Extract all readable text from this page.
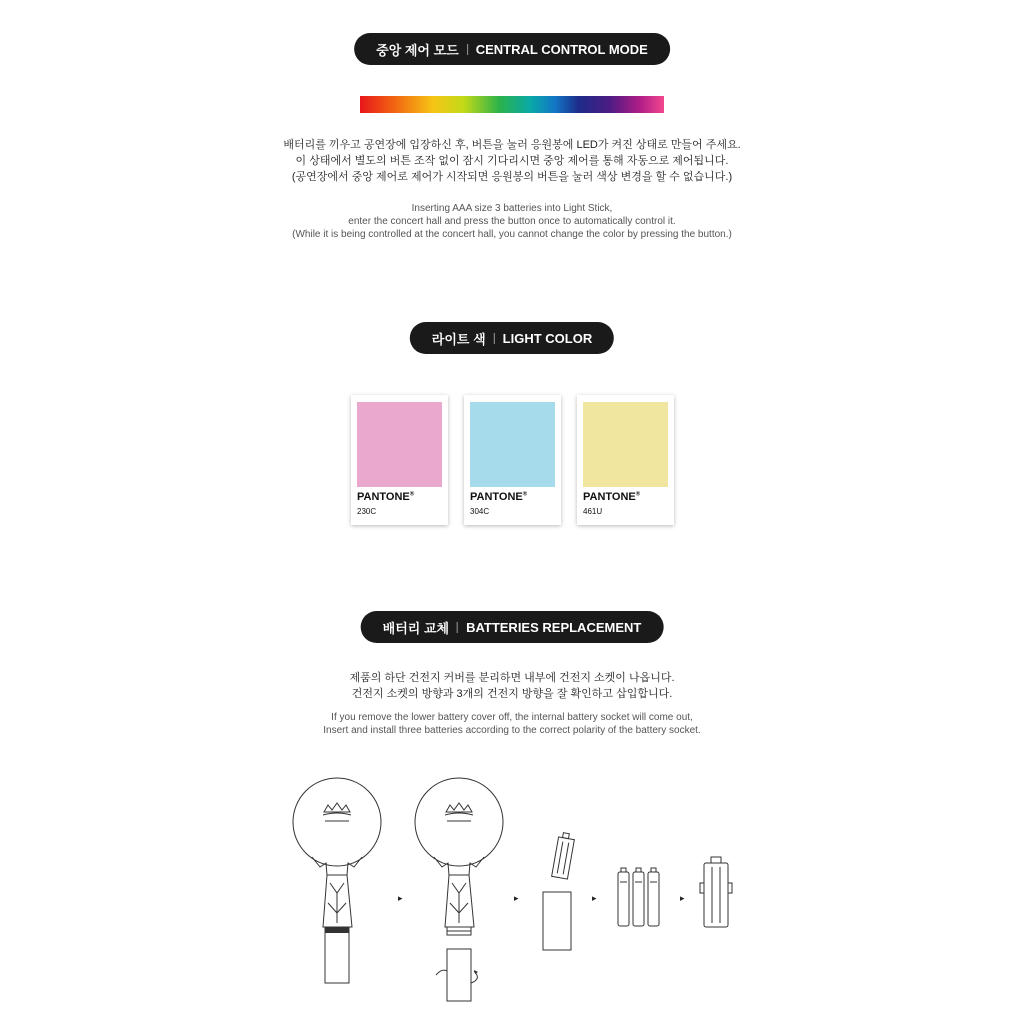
중앙 제어 모드 CENTRAL CONTROL MODE
배터리를 끼우고 공연장에 입장하신 후, 버튼을 눌러 응원봉에 LED가 켜진 상태로 만들어 주세요.
이 상태에서 별도의 버튼 조작 없이 잠시 기다리시면 중앙 제어를 통해 자동으로 제어됩니다.
(공연장에서 중앙 제어로 제어가 시작되면 응원봉의 버튼을 눌러 색상 변경을 할 수 없습니다.)
Inserting AAA size 3 batteries into Light Stick,
enter the concert hall and press the button once to automatically control it.
(While it is being controlled at the concert hall, you cannot change the color by pressing the button.)
라이트 색 LIGHT COLOR
PANTONE®
230C
PANTONE®
304C
PANTONE®
461U
배터리 교체 BATTERIES REPLACEMENT
제품의 하단 건전지 커버를 분리하면 내부에 건전지 소켓이 나옵니다.
건전지 소켓의 방향과 3개의 건전지 방향을 잘 확인하고 삽입합니다.
If you remove the lower battery cover off, the internal battery socket will come out,
Insert and install three batteries according to the correct polarity of the battery socket.
▸	▸	▸	▸
